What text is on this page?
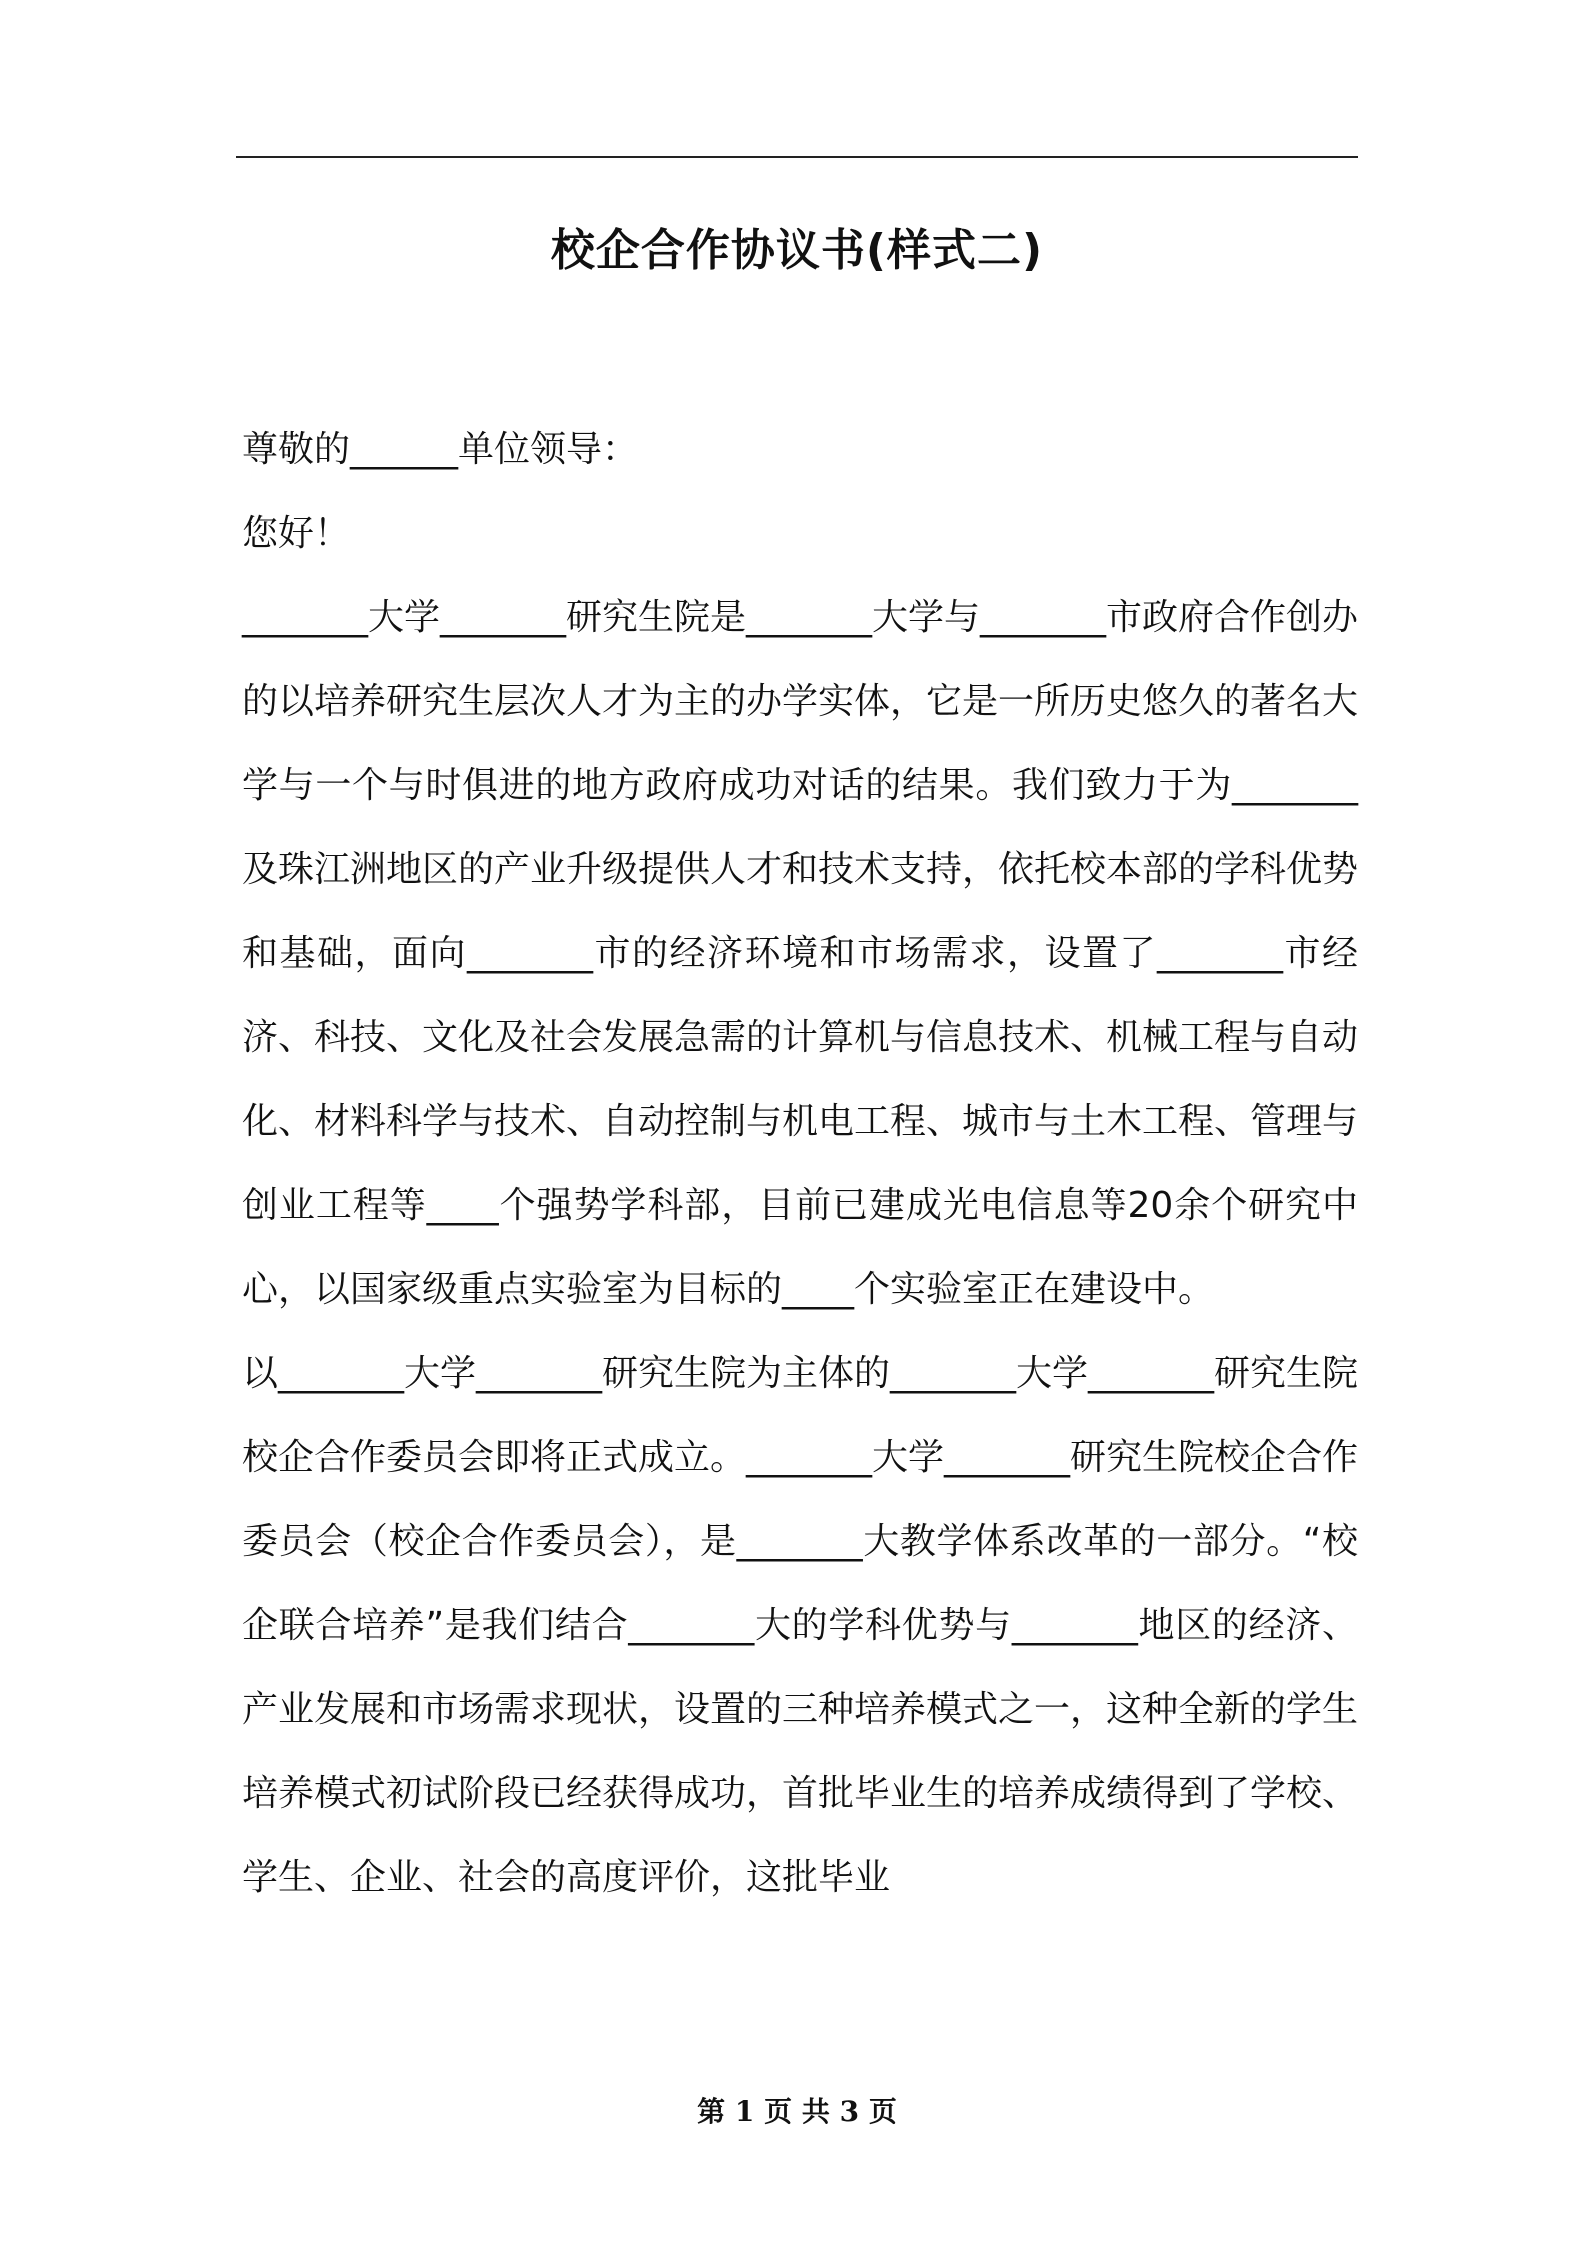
校企合作协议书(样式二)

尊敬的______单位领导：

您好！

_______大学_______研究生院是_______大学与_______市政府合作创办的以培养研究生层次人才为主的办学实体，它是一所历史悠久的著名大学与一个与时俱进的地方政府成功对话的结果。我们致力于为_______及珠江洲地区的产业升级提供人才和技术支持，依托校本部的学科优势和基础，面向_______市的经济环境和市场需求，设置了_______市经济、科技、文化及社会发展急需的计算机与信息技术、机械工程与自动化、材料科学与技术、自动控制与机电工程、城市与土木工程、管理与创业工程等____个强势学科部，目前已建成光电信息等20余个研究中心，以国家级重点实验室为目标的____个实验室正在建设中。

以_______大学_______研究生院为主体的_______大学_______研究生院校企合作委员会即将正式成立。_______大学_______研究生院校企合作委员会（校企合作委员会），是_______大教学体系改革的一部分。“校企联合培养”是我们结合_______大的学科优势与_______地区的经济、产业发展和市场需求现状，设置的三种培养模式之一，这种全新的学生培养模式初试阶段已经获得成功，首批毕业生的培养成绩得到了学校、学生、企业、社会的高度评价，这批毕业

第 1 页 共 3 页
